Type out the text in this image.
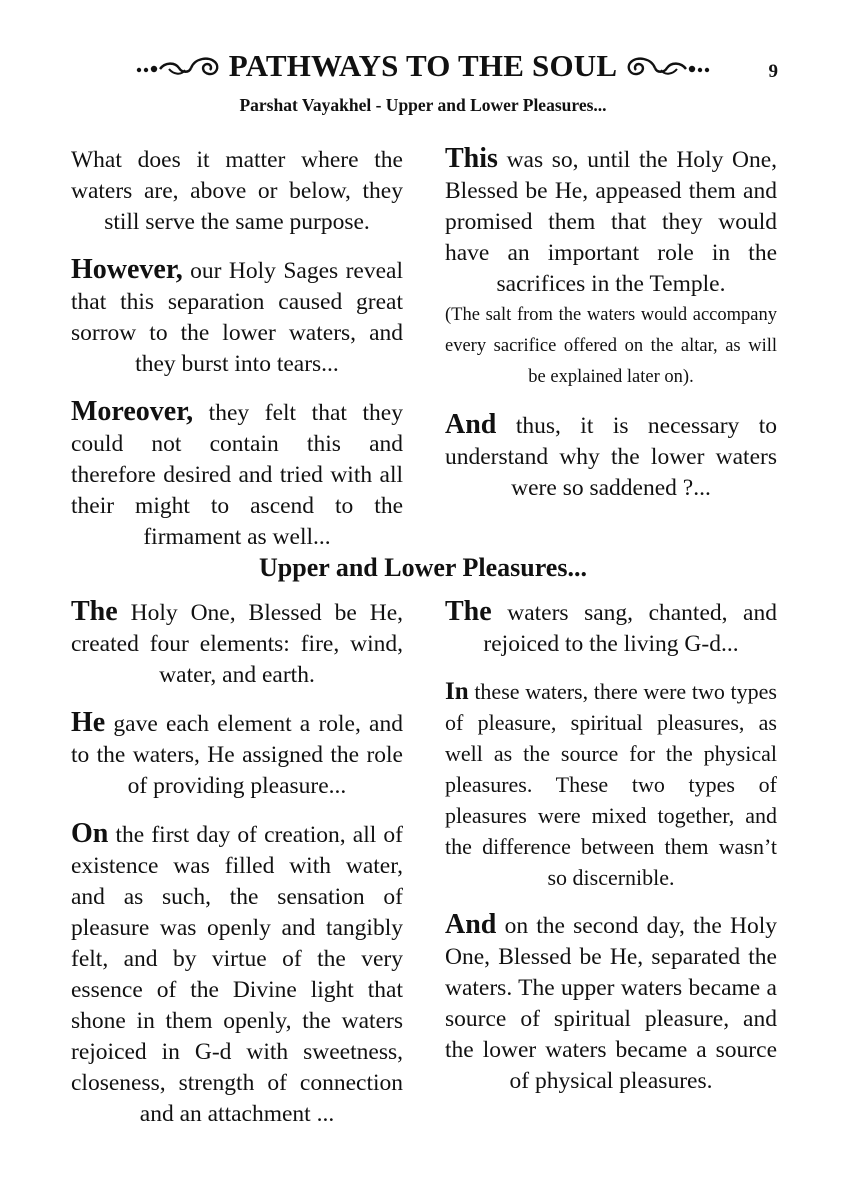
PATHWAYS TO THE SOUL	9
Parshat Vayakhel - Upper and Lower Pleasures...

What does it matter where the waters are, above or below, they still serve the same purpose.

However, our Holy Sages reveal that this separation caused great sorrow to the lower waters, and they burst into tears...

Moreover, they felt that they could not contain this and therefore desired and tried with all their might to ascend to the firmament as well...

This was so, until the Holy One, Blessed be He, appeased them and promised them that they would have an important role in the sacrifices in the Temple.

(The salt from the waters would accompany every sacrifice offered on the altar, as will be explained later on).

And thus, it is necessary to understand why the lower waters were so saddened ?...

Upper and Lower Pleasures...

The Holy One, Blessed be He, created four elements: fire, wind, water, and earth.

He gave each element a role, and to the waters, He assigned the role of providing pleasure...

On the first day of creation, all of existence was filled with water, and as such, the sensation of pleasure was openly and tangibly felt, and by virtue of the very essence of the Divine light that shone in them openly, the waters rejoiced in G-d with sweetness, closeness, strength of connection and an attachment ...

The waters sang, chanted, and rejoiced to the living G-d...

In these waters, there were two types of pleasure, spiritual pleasures, as well as the source for the physical pleasures. These two types of pleasures were mixed together, and the difference between them wasn’t so discernible.

And on the second day, the Holy One, Blessed be He, separated the waters. The upper waters became a source of spiritual pleasure, and the lower waters became a source of physical pleasures.
